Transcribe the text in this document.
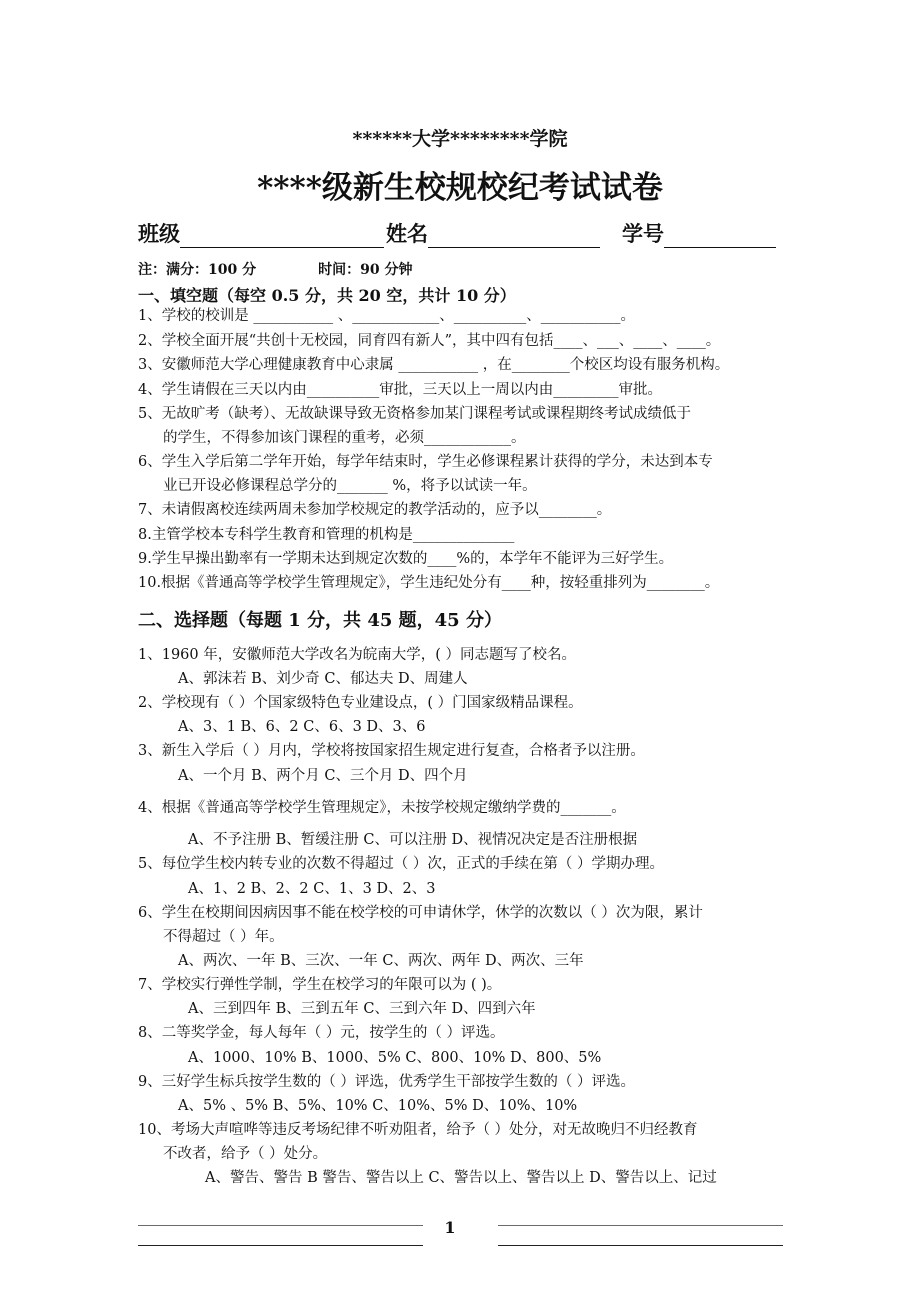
******大学********学院
****级新生校规校纪考试试卷
班级	姓名	学号
注：满分：100 分	时间：90 分钟
一、填空题（每空 0.5 分，共 20 空，共计 10 分）
1、学校的校训是 ___________ 、____________、__________、___________。
2、学校全面开展“共创十无校园，同育四有新人”，其中四有包括____、___、____、____。
3、安徽师范大学心理健康教育中心隶属 ___________ ，在________个校区均设有服务机构。
4、学生请假在三天以内由__________审批，三天以上一周以内由_________审批。
5、无故旷考（缺考）、无故缺课导致无资格参加某门课程考试或课程期终考试成绩低于
的学生，不得参加该门课程的重考，必须____________。
6、学生入学后第二学年开始，每学年结束时，学生必修课程累计获得的学分，未达到本专
业已开设必修课程总学分的_______ %，将予以试读一年。
7、未请假离校连续两周未参加学校规定的教学活动的，应予以________。
8.主管学校本专科学生教育和管理的机构是______________
9.学生早操出勤率有一学期未达到规定次数的____%的，本学年不能评为三好学生。
10.根据《普通高等学校学生管理规定》，学生违纪处分有____种，按轻重排列为________。
二、选择题（每题 1 分，共 45 题，45 分）
1、1960 年，安徽师范大学改名为皖南大学，( ）同志题写了校名。
A、郭沫若 B、刘少奇 C、郁达夫 D、周建人
2、学校现有（ ）个国家级特色专业建设点，( ）门国家级精品课程。
A、3、1 B、6、2 C、6、3 D、3、6
3、新生入学后（ ）月内，学校将按国家招生规定进行复查，合格者予以注册。
A、一个月 B、两个月 C、三个月 D、四个月
4、根据《普通高等学校学生管理规定》，未按学校规定缴纳学费的_______。
A、不予注册 B、暂缓注册 C、可以注册 D、视情况决定是否注册根据
5、每位学生校内转专业的次数不得超过（ ）次，正式的手续在第（ ）学期办理。
A、1、2 B、2、2 C、1、3 D、2、3
6、学生在校期间因病因事不能在校学校的可申请休学，休学的次数以（ ）次为限，累计
不得超过（ ）年。
A、两次、一年 B、三次、一年 C、两次、两年 D、两次、三年
7、学校实行弹性学制，学生在校学习的年限可以为 ( )。
A、三到四年 B、三到五年 C、三到六年 D、四到六年
8、二等奖学金，每人每年（ ）元，按学生的（ ）评选。
A、1000、10% B、1000、5% C、800、10% D、800、5%
9、三好学生标兵按学生数的（ ）评选，优秀学生干部按学生数的（ ）评选。
A、5% 、5% B、5%、10% C、10%、5% D、10%、10%
10、考场大声喧哗等违反考场纪律不听劝阻者，给予（ ）处分，对无故晚归不归经教育
不改者，给予（ ）处分。
A、警告、警告 B 警告、警告以上 C、警告以上、警告以上 D、警告以上、记过
1
